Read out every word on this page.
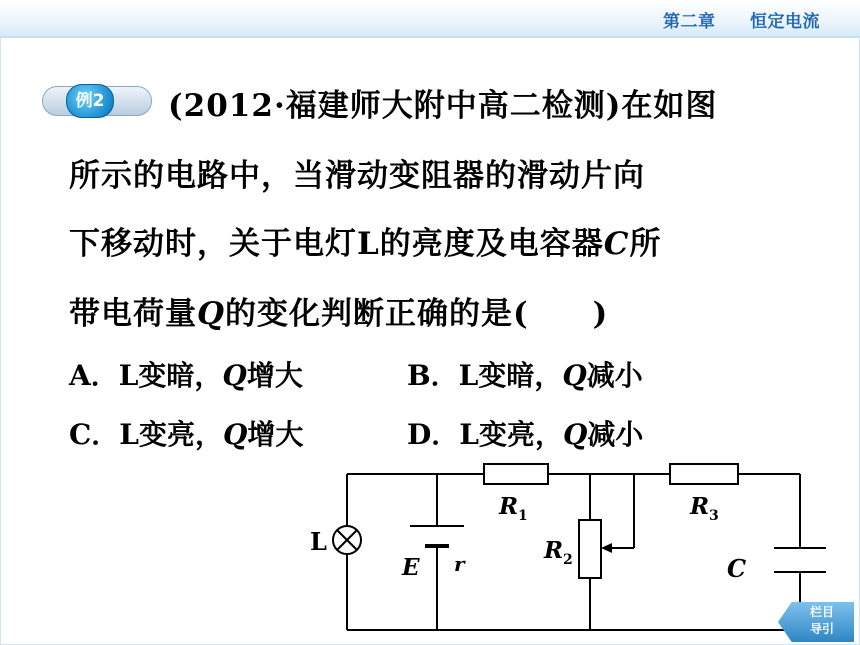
第二章 恒定电流
例2	(2012·福建师大附中高二检测)在如图
所示的电路中，当滑动变阻器的滑动片向
下移动时，关于电灯L的亮度及电容器C所
带电荷量Q的变化判断正确的是(　　)
A．L变暗，Q增大	B．L变暗，Q减小
C．L变亮，Q增大	D．L变亮，Q减小
L
E r
R 1
R 2
R 3
C
栏目
导引
